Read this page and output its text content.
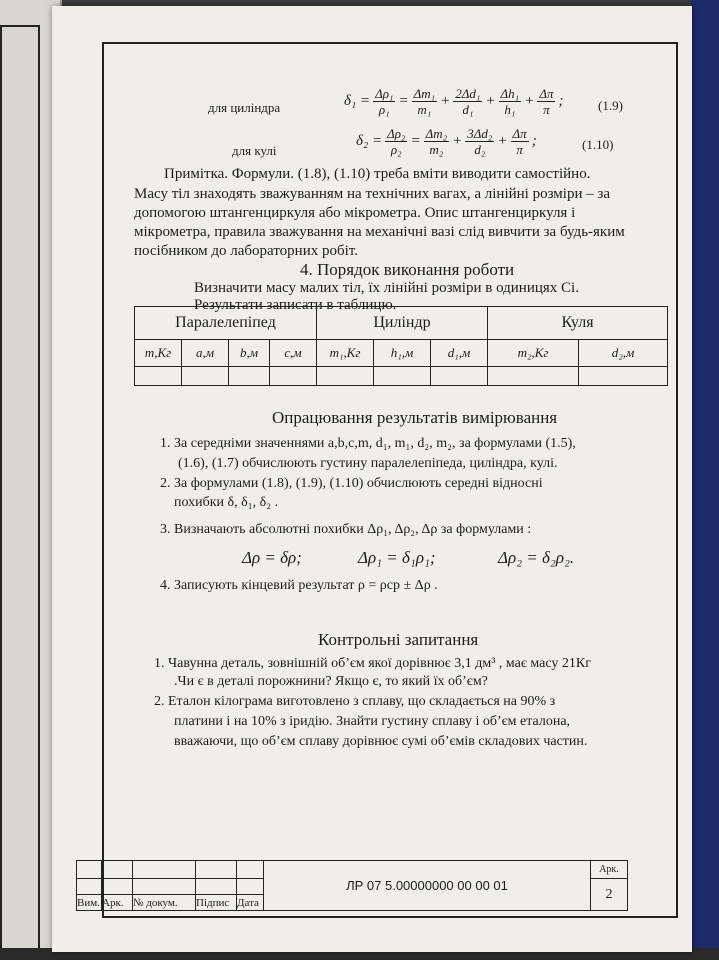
для циліндра	$\delta_1 = \frac{\text{Δρ₁}}{\text{ρ₁}} = \frac{\text{Δm₁}}{\text{m₁}} + \frac{\text{2Δd₁}}{\text{d₁}} + \frac{\text{Δh₁}}{\text{h₁}} + \frac{\Delta\pi}{\pi}$ ;	(1.9)
для кулі
$\delta_2 = \frac{\text{Δρ₂}}{\text{ρ₂}} = \frac{\text{Δm₂}}{\text{m₂}} + \frac{\text{3Δd₂}}{\text{d₂}} + \frac{\Delta\pi}{\pi}$ ;	(1.10)
Примітка. Формули. (1.8), (1.10) треба вміти виводити самостійно.
Масу тіл знаходять зважуванням на технічних вагах, а лінійні розміри – за
допомогою штангенциркуля або мікрометра. Опис штангенциркуля і
мікрометра, правила зважування на механічні вазі слід вивчити за будь-яким
посібником до лабораторних робіт.
4. Порядок виконання роботи
Визначити масу малих тіл, їх лінійні розміри в одиницях Сі.
Результати записати в таблицю.
Паралелепіпед				Циліндр			Куля	
m,Кг	a,м	b,м	c,м	m₁,Кг	h₁,м	d₁,м	m₂,Кг	d₂,м

Опрацювання результатів вимірювання
1. За середніми значеннями a,b,c,m, d₁, m₁, d₂, m₂, за формулами (1.5),
(1.6), (1.7) обчислюють густину паралелепіпеда, циліндра, кулі.
2. За формулами (1.8), (1.9), (1.10) обчислюють середні відносні
похибки δ, δ₁, δ₂ .
3. Визначають абсолютні похибки Δρ₁, Δρ₂, Δρ за формулами :
Δρ = δρ;	Δρ₁ = δ₁ρ₁;	Δρ₂ = δ₂ρ₂.
4. Записують кінцевий результат ρ = ρср ± Δρ .
Контрольні запитання
1. Чавунна деталь, зовнішній об’єм якої дорівнює 3,1 дм³ , має масу 21Кг
.Чи є в деталі порожнини? Якщо є, то який їх об’єм?
2. Еталон кілограма виготовлено з сплаву, що складається на 90% з
платини і на 10% з іридію. Знайти густину сплаву і об’єм еталона,
вважаючи, що об’єм сплаву дорівнює сумі об’ємів складових частин.
					ЛР 07 5.00000000 00 00 01	Арк.
						2
Вим.	Арк.	№ докум.	Підпис	Дата		
